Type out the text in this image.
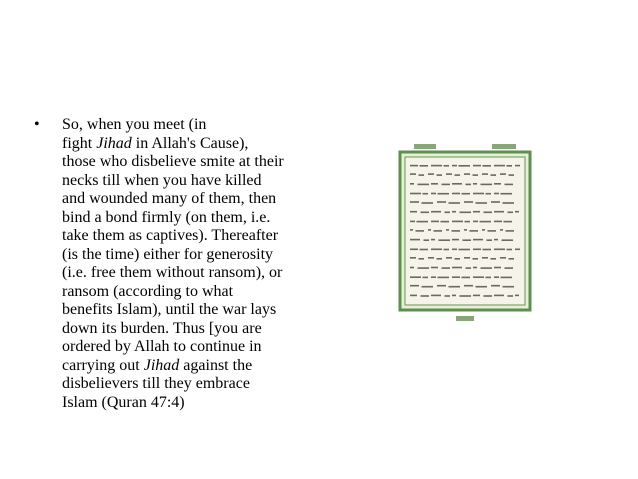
• So, when you meet (in
fight Jihad in Allah's Cause),
those who disbelieve smite at their
necks till when you have killed
and wounded many of them, then
bind a bond firmly (on them, i.e.
take them as captives). Thereafter
(is the time) either for generosity
(i.e. free them without ransom), or
ransom (according to what
benefits Islam), until the war lays
down its burden. Thus [you are
ordered by Allah to continue in
carrying out Jihad against the
disbelievers till they embrace
Islam (Quran 47:4)
